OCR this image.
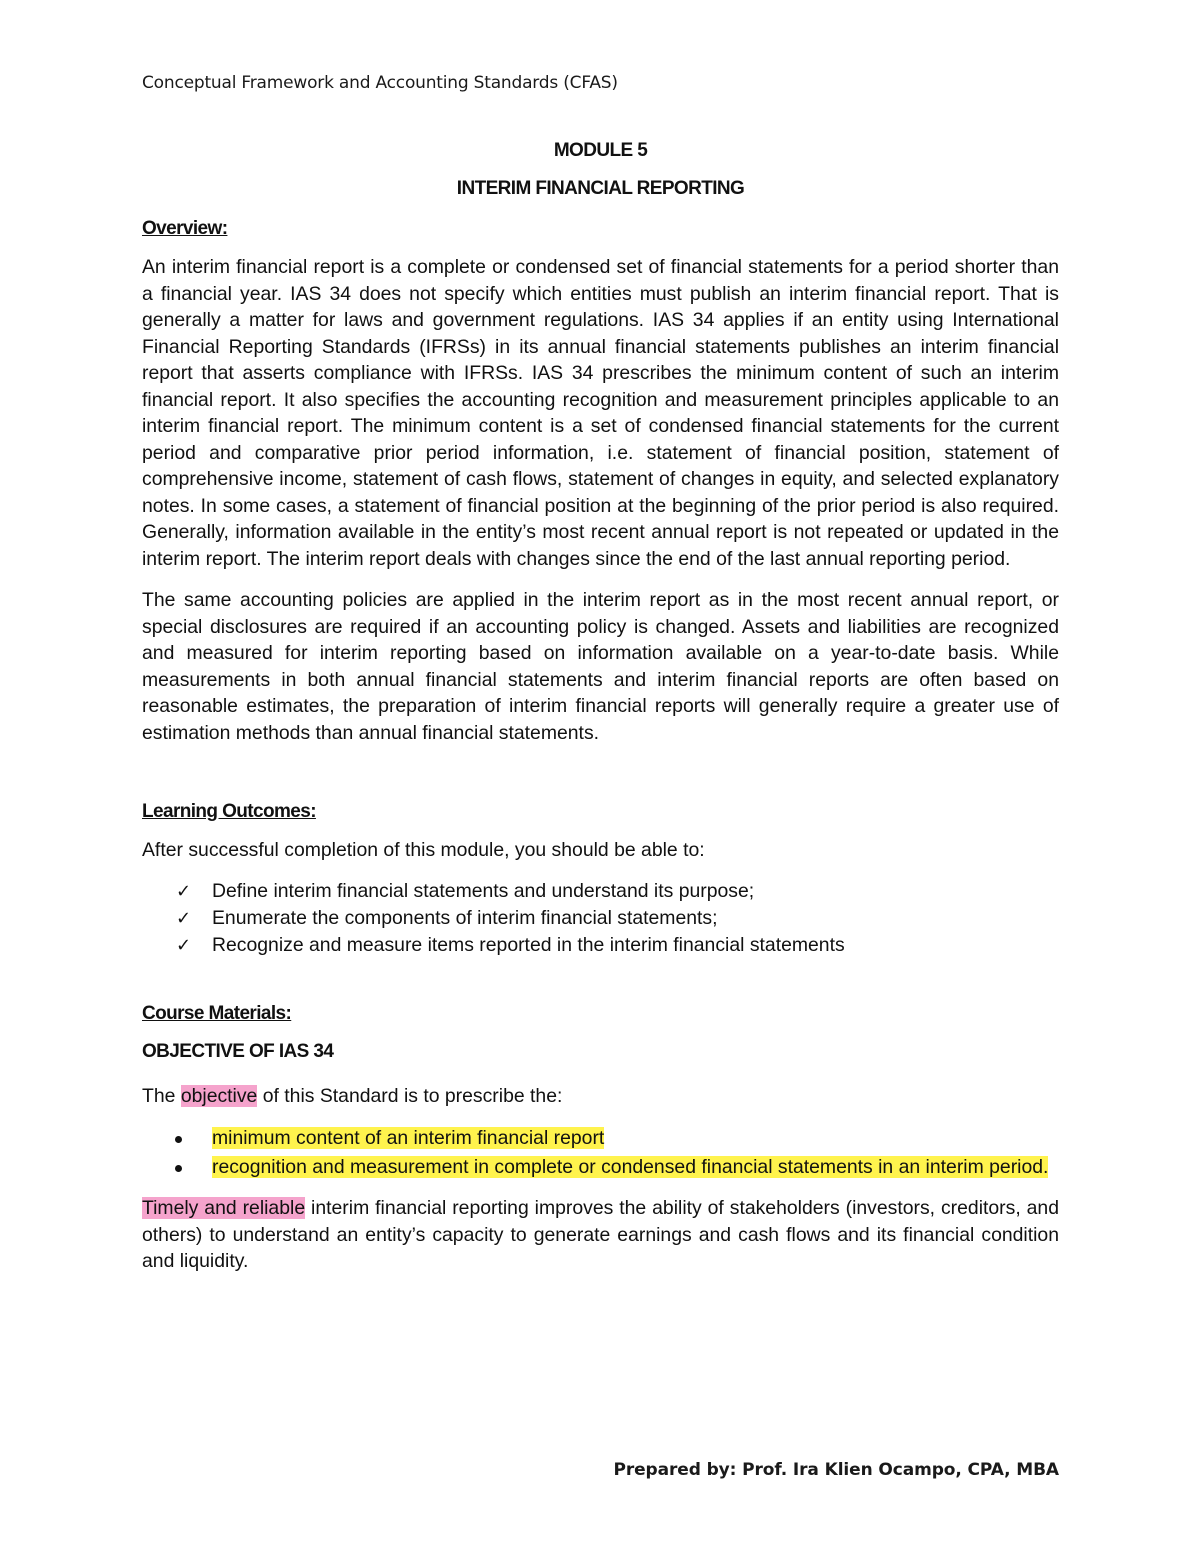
Conceptual Framework and Accounting Standards (CFAS)
MODULE 5
INTERIM FINANCIAL REPORTING
Overview:

An interim financial report is a complete or condensed set of financial statements for a period shorter than a financial year. IAS 34 does not specify which entities must publish an interim financial report. That is generally a matter for laws and government regulations. IAS 34 applies if an entity using International Financial Reporting Standards (IFRSs) in its annual financial statements publishes an interim financial report that asserts compliance with IFRSs. IAS 34 prescribes the minimum content of such an interim financial report. It also specifies the accounting recognition and measurement principles applicable to an interim financial report. The minimum content is a set of condensed financial statements for the current period and comparative prior period information, i.e. statement of financial position, statement of comprehensive income, statement of cash flows, statement of changes in equity, and selected explanatory notes. In some cases, a statement of financial position at the beginning of the prior period is also required. Generally, information available in the entity’s most recent annual report is not repeated or updated in the interim report. The interim report deals with changes since the end of the last annual reporting period.

The same accounting policies are applied in the interim report as in the most recent annual report, or special disclosures are required if an accounting policy is changed. Assets and liabilities are recognized and measured for interim reporting based on information available on a year-to-date basis. While measurements in both annual financial statements and interim financial reports are often based on reasonable estimates, the preparation of interim financial reports will generally require a greater use of estimation methods than annual financial statements.

Learning Outcomes:

After successful completion of this module, you should be able to:

✓ Define interim financial statements and understand its purpose;
✓ Enumerate the components of interim financial statements;
✓ Recognize and measure items reported in the interim financial statements
Course Materials:
OBJECTIVE OF IAS 34

The objective of this Standard is to prescribe the:

minimum content of an interim financial report
recognition and measurement in complete or condensed financial statements in an interim period.

Timely and reliable interim financial reporting improves the ability of stakeholders (investors, creditors, and others) to understand an entity’s capacity to generate earnings and cash flows and its financial condition and liquidity.

Prepared by: Prof. Ira Klien Ocampo, CPA, MBA
